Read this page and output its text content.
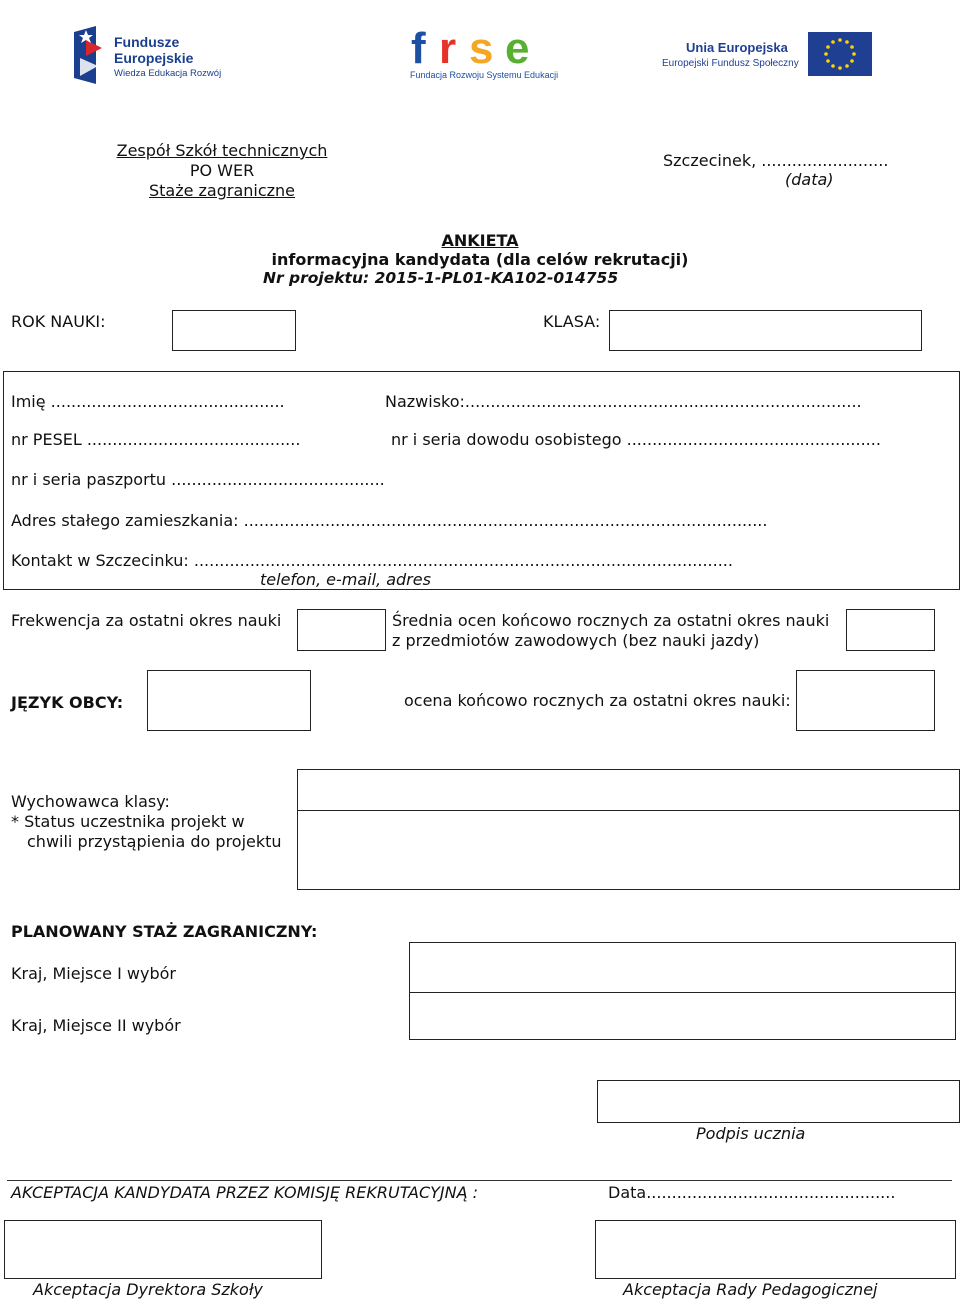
Fundusze
Europejskie
Wiedza Edukacja Rozwój
f r s e
Fundacja Rozwoju Systemu Edukacji
Unia Europejska
Europejski Fundusz Społeczny
Zespół Szkół technicznych
PO WER
Staże zagraniczne
Szczecinek, .........................
(data)
ANKIETA
informacyjna kandydata (dla celów rekrutacji)
Nr projektu: 2015-1-PL01-KA102-014755
ROK NAUKI:	KLASA:
Imię ..............................................	Nazwisko:..............................................................................
nr PESEL ..........................................	nr i seria dowodu osobistego ..................................................
nr i seria paszportu ..........................................
Adres stałego zamieszkania: .......................................................................................................
Kontakt w Szczecinku: ..........................................................................................................
telefon, e-mail, adres
Frekwencja za ostatni okres nauki	Średnia ocen końcowo rocznych za ostatni okres nauki
z przedmiotów zawodowych (bez nauki jazdy)
JĘZYK OBCY:	ocena końcowo rocznych za ostatni okres nauki:
Wychowawca klasy:
* Status uczestnika projekt w
chwili przystąpienia do projektu
PLANOWANY STAŻ ZAGRANICZNY:
Kraj, Miejsce I wybór
Kraj, Miejsce II wybór
Podpis ucznia
AKCEPTACJA KANDYDATA PRZEZ KOMISJĘ REKRUTACYJNĄ :	Data.................................................
Akceptacja Dyrektora Szkoły	Akceptacja Rady Pedagogicznej
